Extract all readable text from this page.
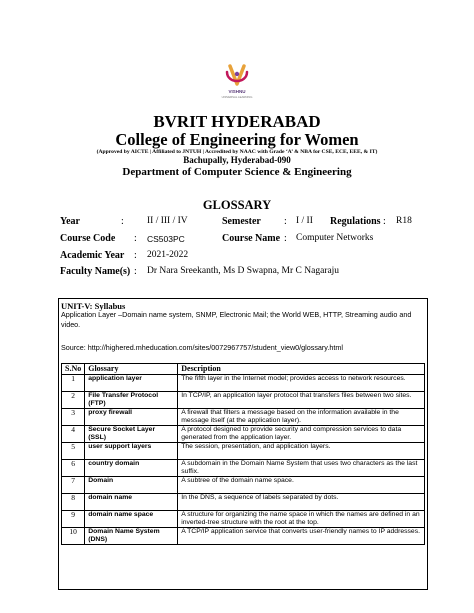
VISHNU
UNIVERSAL LEARNING
BVRIT HYDERABAD
College of Engineering for Women
(Approved by AICTE | Affiliated to JNTUH | Accredited by NAAC with Grade ‘A’ & NBA for CSE, ECE, EEE, & IT)
Bachupally, Hyderabad-090
Department of Computer Science & Engineering
GLOSSARY
Year	: II / III / IV	Semester : I / II Regulations : R18
Course Code : CS503PC	Course Name : Computer Networks
Academic Year : 2021-2022
Faculty Name(s) : Dr Nara Sreekanth, Ms D Swapna, Mr C Nagaraju
UNIT-V: Syllabus
Application Layer –Domain name system, SNMP, Electronic Mail; the World WEB, HTTP, Streaming audio and video.
Source: http://highered.mheducation.com/sites/0072967757/student_view0/glossary.html
S.No	Glossary	Description
1	application layer	The fifth layer in the Internet model; provides access to network resources.
2	File Transfer Protocol (FTP)	In TCP/IP, an application layer protocol that transfers files between two sites.
3	proxy firewall	A firewall that filters a message based on the information available in the message itself (at the application layer).
4	Secure Socket Layer (SSL)	A protocol designed to provide security and compression services to data generated from the application layer.
5	user support layers	The session, presentation, and application layers.
6	country domain	A subdomain in the Domain Name System that uses two characters as the last suffix.
7	Domain	A subtree of the domain name space.
8	domain name	In the DNS, a sequence of labels separated by dots.
9	domain name space	A structure for organizing the name space in which the names are defined in an inverted-tree structure with the root at the top.
10	Domain Name System (DNS)	A TCP/IP application service that converts user-friendly names to IP addresses.
